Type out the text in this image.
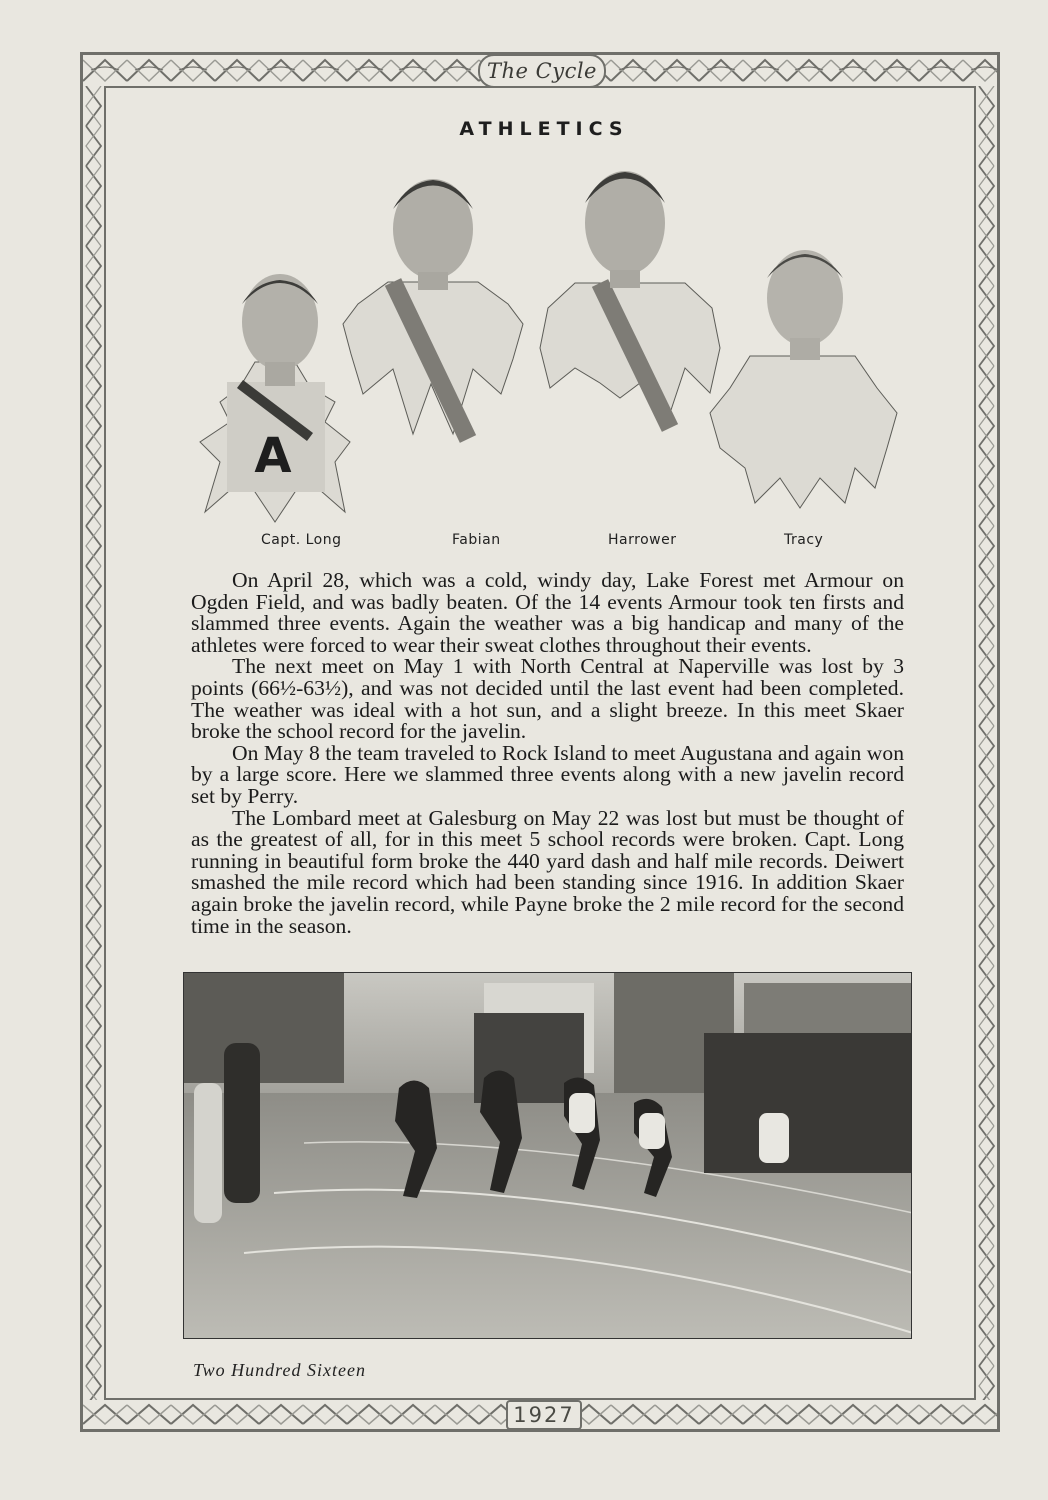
The Cycle
1927
ATHLETICS
A
Capt. Long	Fabian	Harrower	Tracy

On April 28, which was a cold, windy day, Lake Forest met Armour on Ogden Field, and was badly beaten. Of the 14 events Armour took ten firsts and slammed three events. Again the weather was a big handicap and many of the athletes were forced to wear their sweat clothes throughout their events.

The next meet on May 1 with North Central at Naperville was lost by 3 points (66½-63½), and was not decided until the last event had been completed. The weather was ideal with a hot sun, and a slight breeze. In this meet Skaer broke the school record for the javelin.

On May 8 the team traveled to Rock Island to meet Augustana and again won by a large score. Here we slammed three events along with a new javelin record set by Perry.

The Lombard meet at Galesburg on May 22 was lost but must be thought of as the greatest of all, for in this meet 5 school records were broken. Capt. Long running in beautiful form broke the 440 yard dash and half mile records. Deiwert smashed the mile record which had been standing since 1916. In addition Skaer again broke the javelin record, while Payne broke the 2 mile record for the second time in the season.

Two Hundred Sixteen
